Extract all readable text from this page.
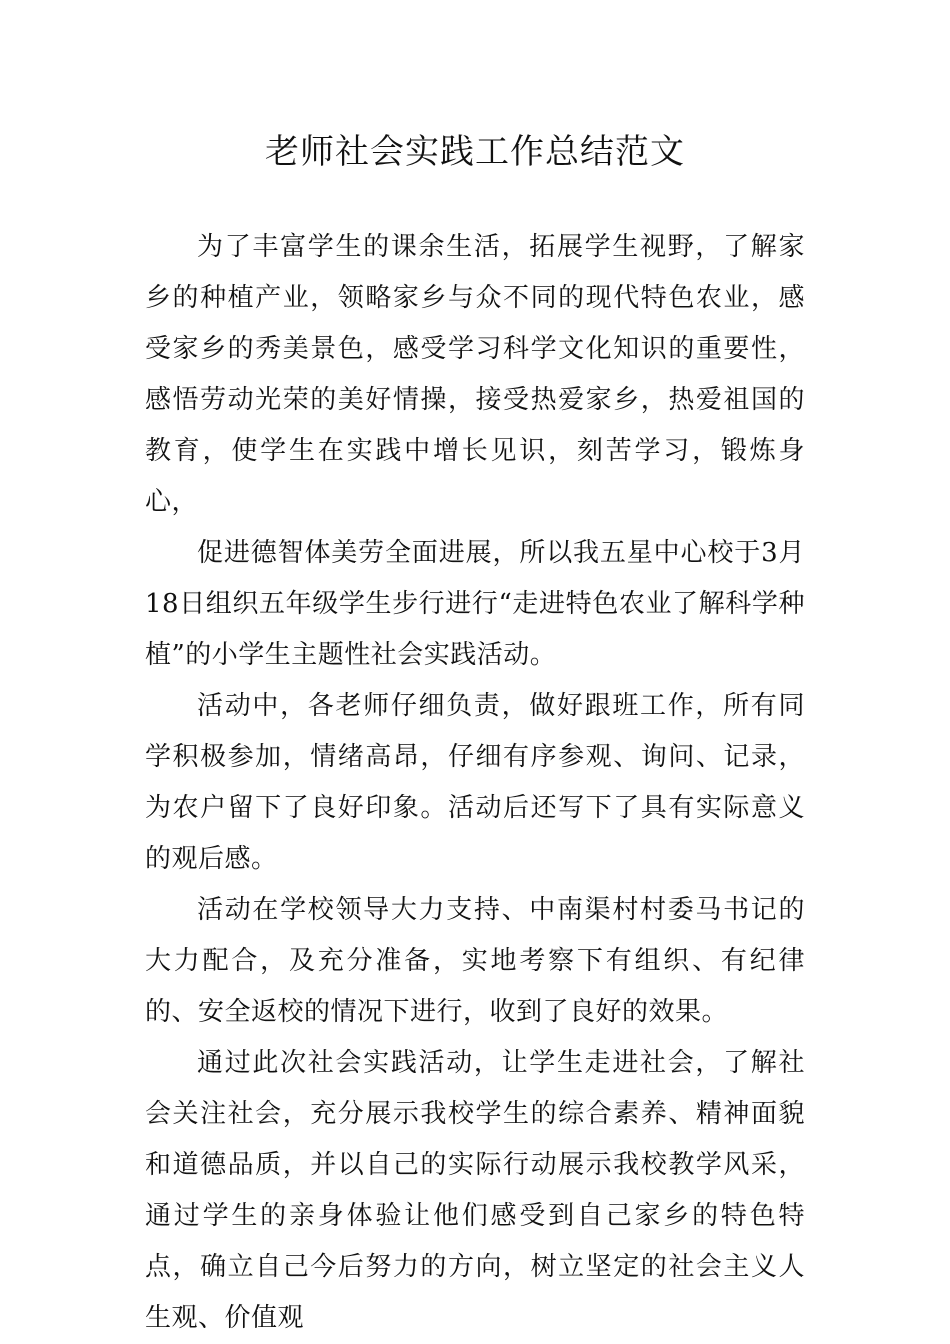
老师社会实践工作总结范文

为了丰富学生的课余生活，拓展学生视野，了解家乡的种植产业，领略家乡与众不同的现代特色农业，感受家乡的秀美景色，感受学习科学文化知识的重要性，感悟劳动光荣的美好情操，接受热爱家乡，热爱祖国的教育，使学生在实践中增长见识，刻苦学习，锻炼身心，

促进德智体美劳全面进展，所以我五星中心校于3月18日组织五年级学生步行进行“走进特色农业了解科学种植”的小学生主题性社会实践活动。

活动中，各老师仔细负责，做好跟班工作，所有同学积极参加，情绪高昂，仔细有序参观、询问、记录，为农户留下了良好印象。活动后还写下了具有实际意义的观后感。

活动在学校领导大力支持、中南渠村村委马书记的大力配合，及充分准备，实地考察下有组织、有纪律的、安全返校的情况下进行，收到了良好的效果。

通过此次社会实践活动，让学生走进社会，了解社会关注社会，充分展示我校学生的综合素养、精神面貌和道德品质，并以自己的实际行动展示我校教学风采，通过学生的亲身体验让他们感受到自己家乡的特色特点，确立自己今后努力的方向，树立坚定的社会主义人生观、价值观
